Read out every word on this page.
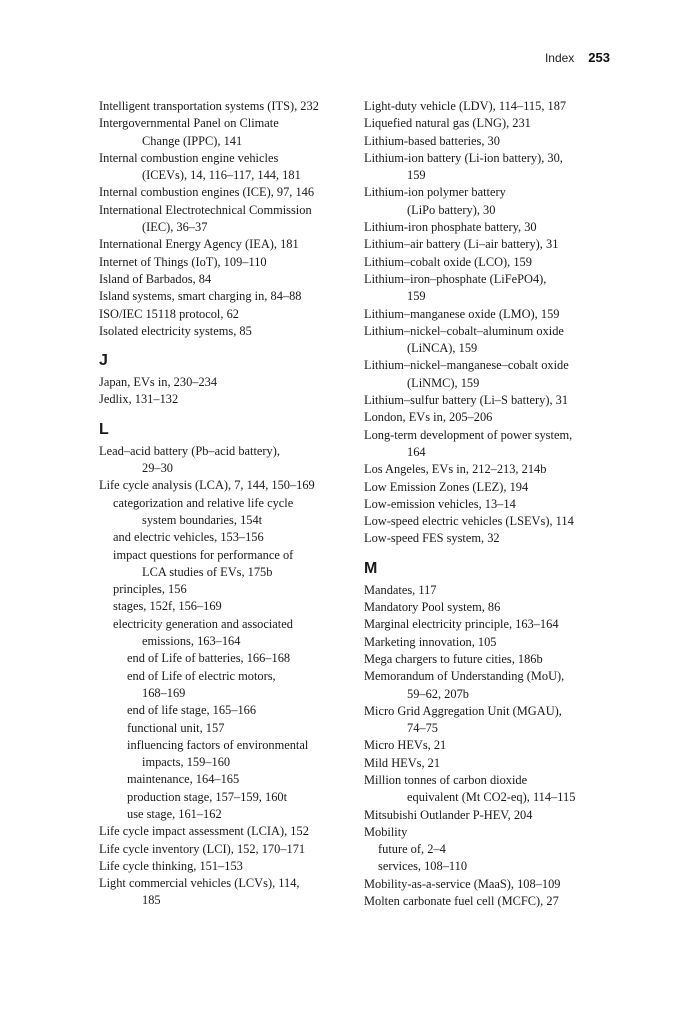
Index 253
Intelligent transportation systems (ITS), 232
Intergovernmental Panel on Climate
Change (IPPC), 141
Internal combustion engine vehicles
(ICEVs), 14, 116–117, 144, 181
Internal combustion engines (ICE), 97, 146
International Electrotechnical Commission
(IEC), 36–37
International Energy Agency (IEA), 181
Internet of Things (IoT), 109–110
Island of Barbados, 84
Island systems, smart charging in, 84–88
ISO/IEC 15118 protocol, 62
Isolated electricity systems, 85
J
Japan, EVs in, 230–234
Jedlix, 131–132
L
Lead–acid battery (Pb–acid battery),
29–30
Life cycle analysis (LCA), 7, 144, 150–169
categorization and relative life cycle
system boundaries, 154t
and electric vehicles, 153–156
impact questions for performance of
LCA studies of EVs, 175b
principles, 156
stages, 152f, 156–169
electricity generation and associated
emissions, 163–164
end of Life of batteries, 166–168
end of Life of electric motors,
168–169
end of life stage, 165–166
functional unit, 157
influencing factors of environmental
impacts, 159–160
maintenance, 164–165
production stage, 157–159, 160t
use stage, 161–162
Life cycle impact assessment (LCIA), 152
Life cycle inventory (LCI), 152, 170–171
Life cycle thinking, 151–153
Light commercial vehicles (LCVs), 114,
185
Light-duty vehicle (LDV), 114–115, 187
Liquefied natural gas (LNG), 231
Lithium-based batteries, 30
Lithium-ion battery (Li-ion battery), 30,
159
Lithium-ion polymer battery
(LiPo battery), 30
Lithium-iron phosphate battery, 30
Lithium–air battery (Li–air battery), 31
Lithium–cobalt oxide (LCO), 159
Lithium–iron–phosphate (LiFePO4),
159
Lithium–manganese oxide (LMO), 159
Lithium–nickel–cobalt–aluminum oxide
(LiNCA), 159
Lithium–nickel–manganese–cobalt oxide
(LiNMC), 159
Lithium–sulfur battery (Li–S battery), 31
London, EVs in, 205–206
Long-term development of power system,
164
Los Angeles, EVs in, 212–213, 214b
Low Emission Zones (LEZ), 194
Low-emission vehicles, 13–14
Low-speed electric vehicles (LSEVs), 114
Low-speed FES system, 32
M
Mandates, 117
Mandatory Pool system, 86
Marginal electricity principle, 163–164
Marketing innovation, 105
Mega chargers to future cities, 186b
Memorandum of Understanding (MoU),
59–62, 207b
Micro Grid Aggregation Unit (MGAU),
74–75
Micro HEVs, 21
Mild HEVs, 21
Million tonnes of carbon dioxide
equivalent (Mt CO2-eq), 114–115
Mitsubishi Outlander P-HEV, 204
Mobility
future of, 2–4
services, 108–110
Mobility-as-a-service (MaaS), 108–109
Molten carbonate fuel cell (MCFC), 27
